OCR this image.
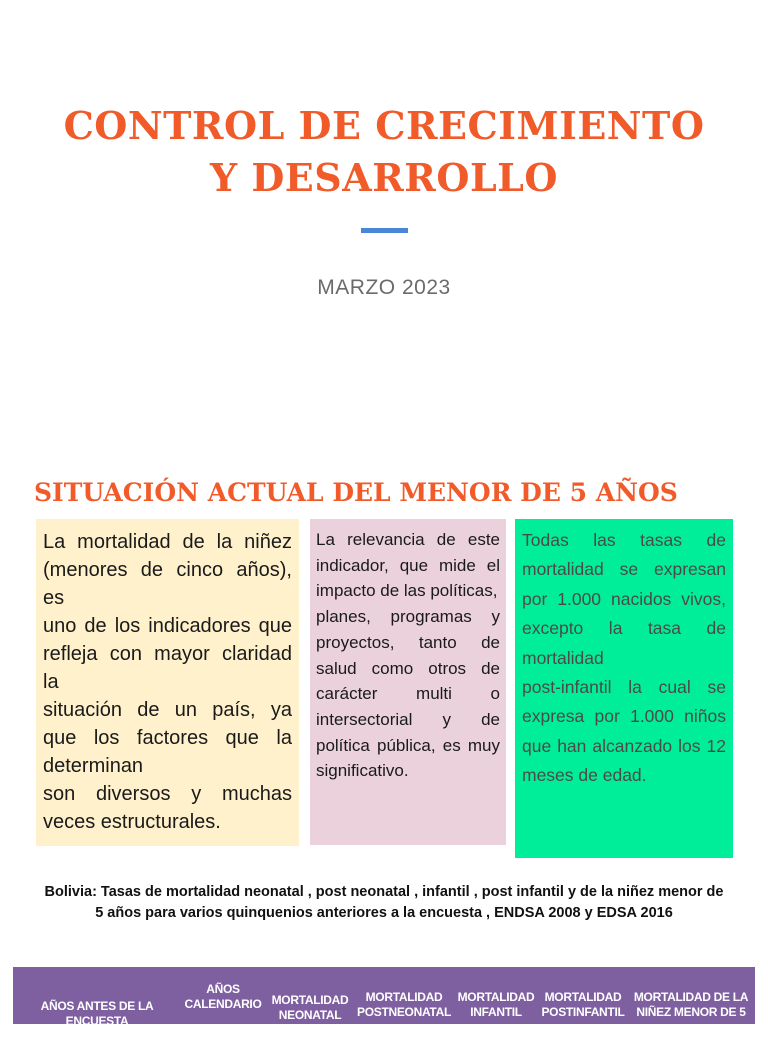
CONTROL DE CRECIMIENTO
Y DESARROLLO
MARZO 2023
SITUACIÓN ACTUAL DEL MENOR DE 5 AÑOS

La mortalidad de la niñez (menores de cinco años), es

uno de los indicadores que refleja con mayor claridad la

situación de un país, ya que los factores que la determinan

son diversos y muchas veces estructurales.

La relevancia de este indicador, que mide el impacto de las políticas,

planes, programas y proyectos, tanto de salud como otros de carácter multi o intersectorial y de política pública, es muy significativo.

Todas las tasas de mortalidad se expresan por 1.000 nacidos vivos, excepto la tasa de mortalidad

post-infantil la cual se expresa por 1.000 niños que han alcanzado los 12 meses de edad.

Bolivia: Tasas de mortalidad neonatal , post neonatal , infantil , post infantil y de la niñez menor de 5 años para varios quinquenios anteriores a la encuesta , ENDSA 2008 y EDSA 2016
AÑOS ANTES DE LA ENCUESTA
AÑOS CALENDARIO MORTALIDAD NEONATAL (MN)
MORTALIDAD POSTNEONATAL
MORTALIDAD INFANTIL
MORTALIDAD POSTINFANTIL
MORTALIDAD DE LA NIÑEZ MENOR DE 5
